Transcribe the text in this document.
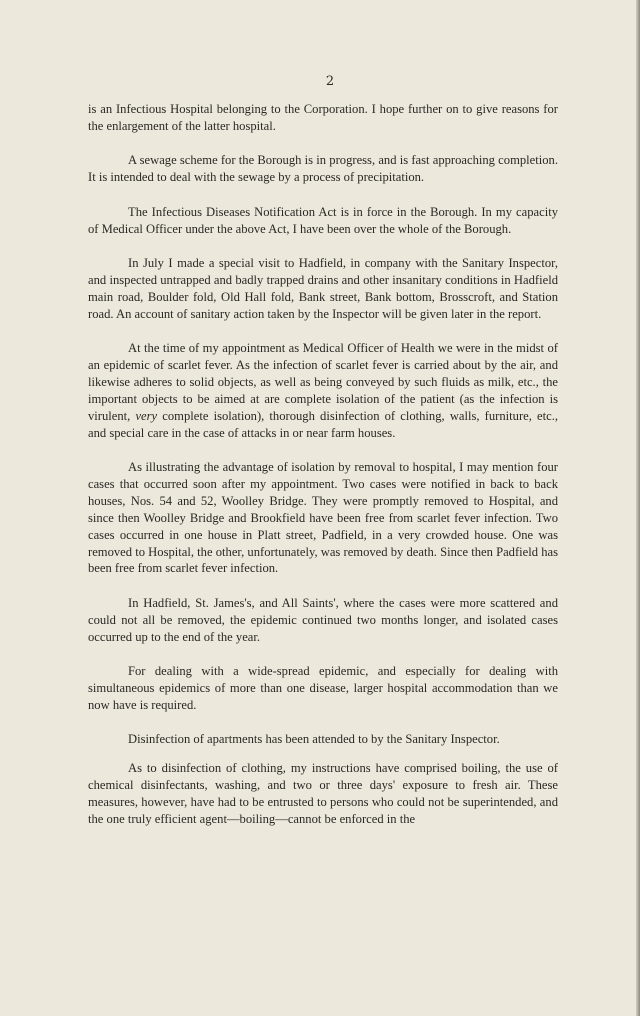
2

is an Infectious Hospital belonging to the Corporation. I hope further on to give reasons for the enlargement of the latter hospital.

A sewage scheme for the Borough is in progress, and is fast approaching completion. It is intended to deal with the sewage by a process of precipitation.

The Infectious Diseases Notification Act is in force in the Borough. In my capacity of Medical Officer under the above Act, I have been over the whole of the Borough.

In July I made a special visit to Hadfield, in company with the Sanitary Inspector, and inspected untrapped and badly trapped drains and other insanitary conditions in Hadfield main road, Boulder fold, Old Hall fold, Bank street, Bank bottom, Brosscroft, and Station road. An account of sanitary action taken by the Inspector will be given later in the report.

At the time of my appointment as Medical Officer of Health we were in the midst of an epidemic of scarlet fever. As the infection of scarlet fever is carried about by the air, and likewise adheres to solid objects, as well as being conveyed by such fluids as milk, etc., the important objects to be aimed at are complete isolation of the patient (as the infection is virulent, very complete isolation), thorough disinfection of clothing, walls, furniture, etc., and special care in the case of attacks in or near farm houses.

As illustrating the advantage of isolation by removal to hospital, I may mention four cases that occurred soon after my appointment. Two cases were notified in back to back houses, Nos. 54 and 52, Woolley Bridge. They were promptly removed to Hospital, and since then Woolley Bridge and Brookfield have been free from scarlet fever infection. Two cases occurred in one house in Platt street, Padfield, in a very crowded house. One was removed to Hospital, the other, unfortunately, was removed by death. Since then Padfield has been free from scarlet fever infection.

In Hadfield, St. James's, and All Saints', where the cases were more scattered and could not all be removed, the epidemic continued two months longer, and isolated cases occurred up to the end of the year.

For dealing with a wide-spread epidemic, and especially for dealing with simultaneous epidemics of more than one disease, larger hospital accommodation than we now have is required.

Disinfection of apartments has been attended to by the Sanitary Inspector.

As to disinfection of clothing, my instructions have comprised boiling, the use of chemical disinfectants, washing, and two or three days' exposure to fresh air. These measures, however, have had to be entrusted to persons who could not be superintended, and the one truly efficient agent—boiling—cannot be enforced in the
